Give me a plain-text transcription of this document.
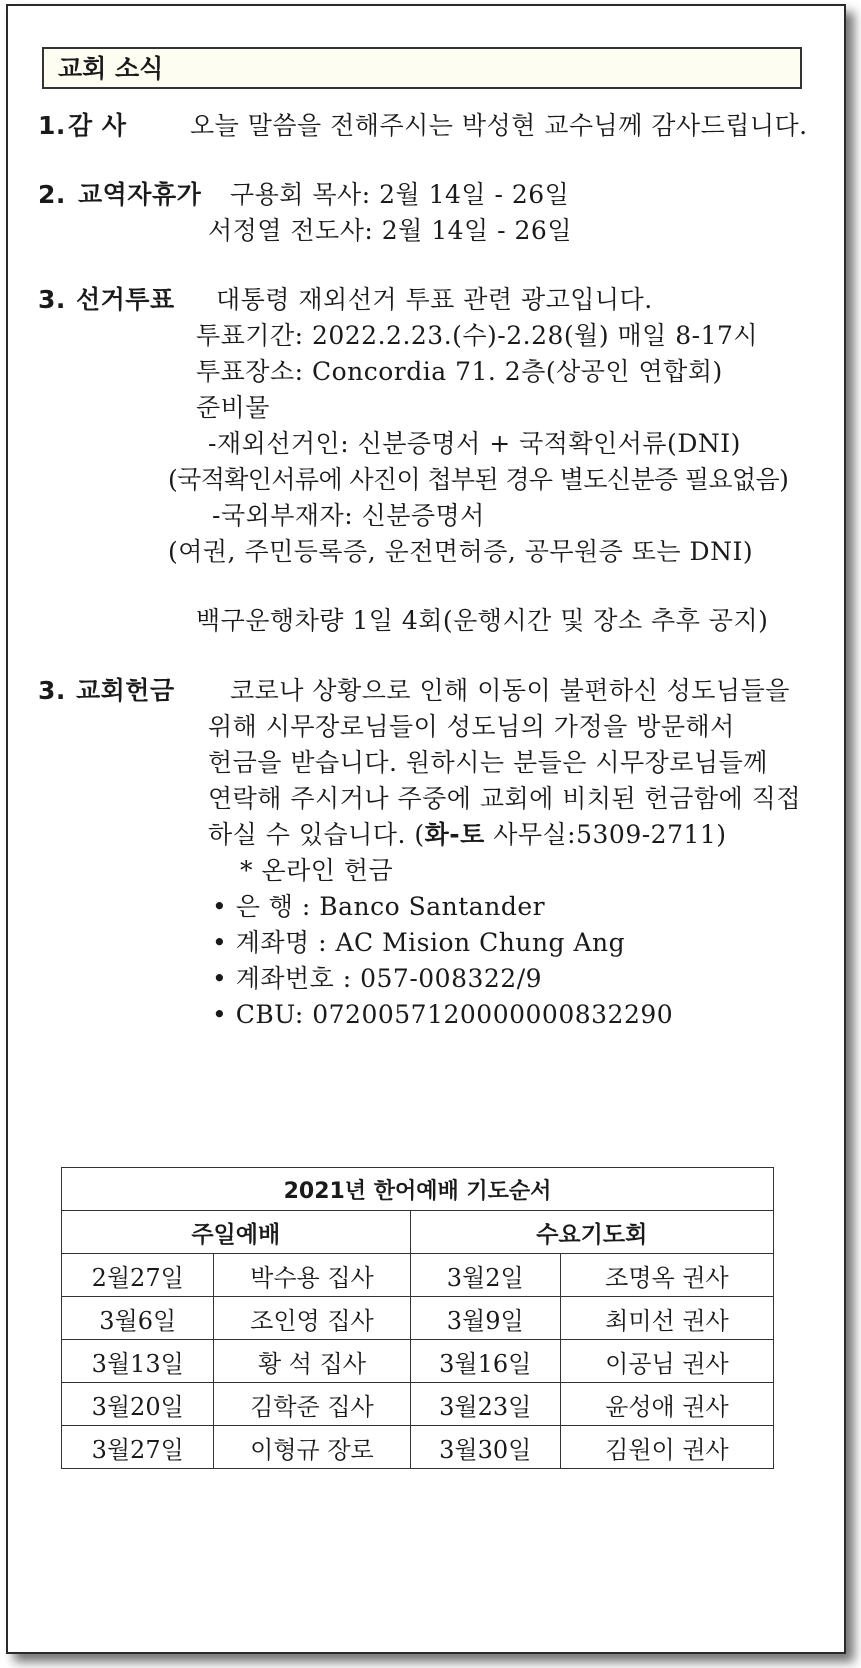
교회 소식
1. 감 사	오늘 말씀을 전해주시는 박성현 교수님께 감사드립니다.
2. 교역자휴가 구용회 목사: 2월 14일 - 26일
서정열 전도사: 2월 14일 - 26일
3. 선거투표 대통령 재외선거 투표 관련 광고입니다.
투표기간: 2022.2.23.(수)-2.28(월) 매일 8-17시
투표장소: Concordia 71. 2층(상공인 연합회)
준비물
-재외선거인: 신분증명서 + 국적확인서류(DNI)
(국적확인서류에 사진이 첩부된 경우 별도신분증 필요없음)
-국외부재자: 신분증명서
(여권, 주민등록증, 운전면허증, 공무원증 또는 DNI)
백구운행차량 1일 4회(운행시간 및 장소 추후 공지)
3. 교회헌금 코로나 상황으로 인해 이동이 불편하신 성도님들을
위해 시무장로님들이 성도님의 가정을 방문해서
헌금을 받습니다. 원하시는 분들은 시무장로님들께
연락해 주시거나 주중에 교회에 비치된 헌금함에 직접
하실 수 있습니다. (화-토 사무실:5309-2711)
* 온라인 헌금
• 은 행 : Banco Santander
• 계좌명 : AC Mision Chung Ang
• 계좌번호 : 057-008322/9
• CBU: 0720057120000000832290
2021년 한어예배 기도순서			
주일예배		수요기도회	
2월27일	박수용 집사	3월2일	조명옥 권사
3월6일	조인영 집사	3월9일	최미선 권사
3월13일	황 석 집사	3월16일	이공님 권사
3월20일	김학준 집사	3월23일	윤성애 권사
3월27일	이형규 장로	3월30일	김원이 권사
